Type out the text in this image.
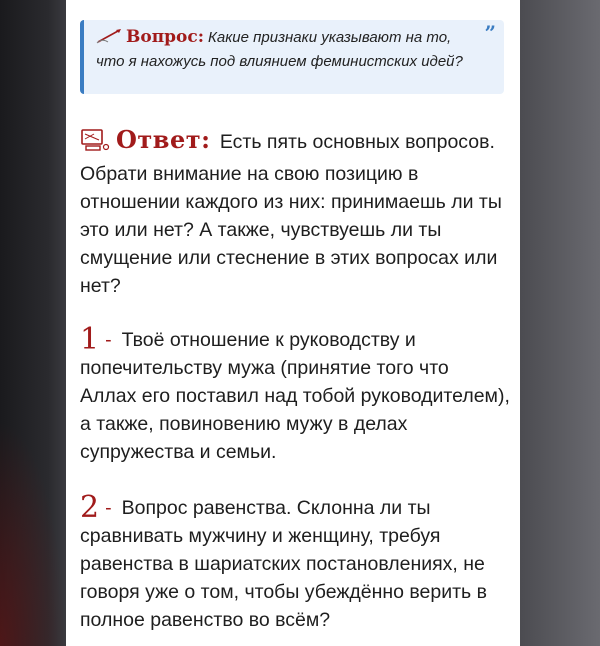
Вопрос: Какие признаки указывают на то, что я нахожусь под влиянием феминистских идей?
”
Ответ: Есть пять основных вопросов. Обрати внимание на свою позицию в отношении каждого из них: принимаешь ли ты это или нет? А также, чувствуешь ли ты смущение или стеснение в этих вопросах или нет?
1 - Твоё отношение к руководству и попечительству мужа (принятие того что Аллах его поставил над тобой руководителем), а также, повиновению мужу в делах супружества и семьи.
2 - Вопрос равенства. Склонна ли ты сравнивать мужчину и женщину, требуя равенства в шариатских постановлениях, не говоря уже о том, чтобы убеждённо верить в полное равенство во всём?
